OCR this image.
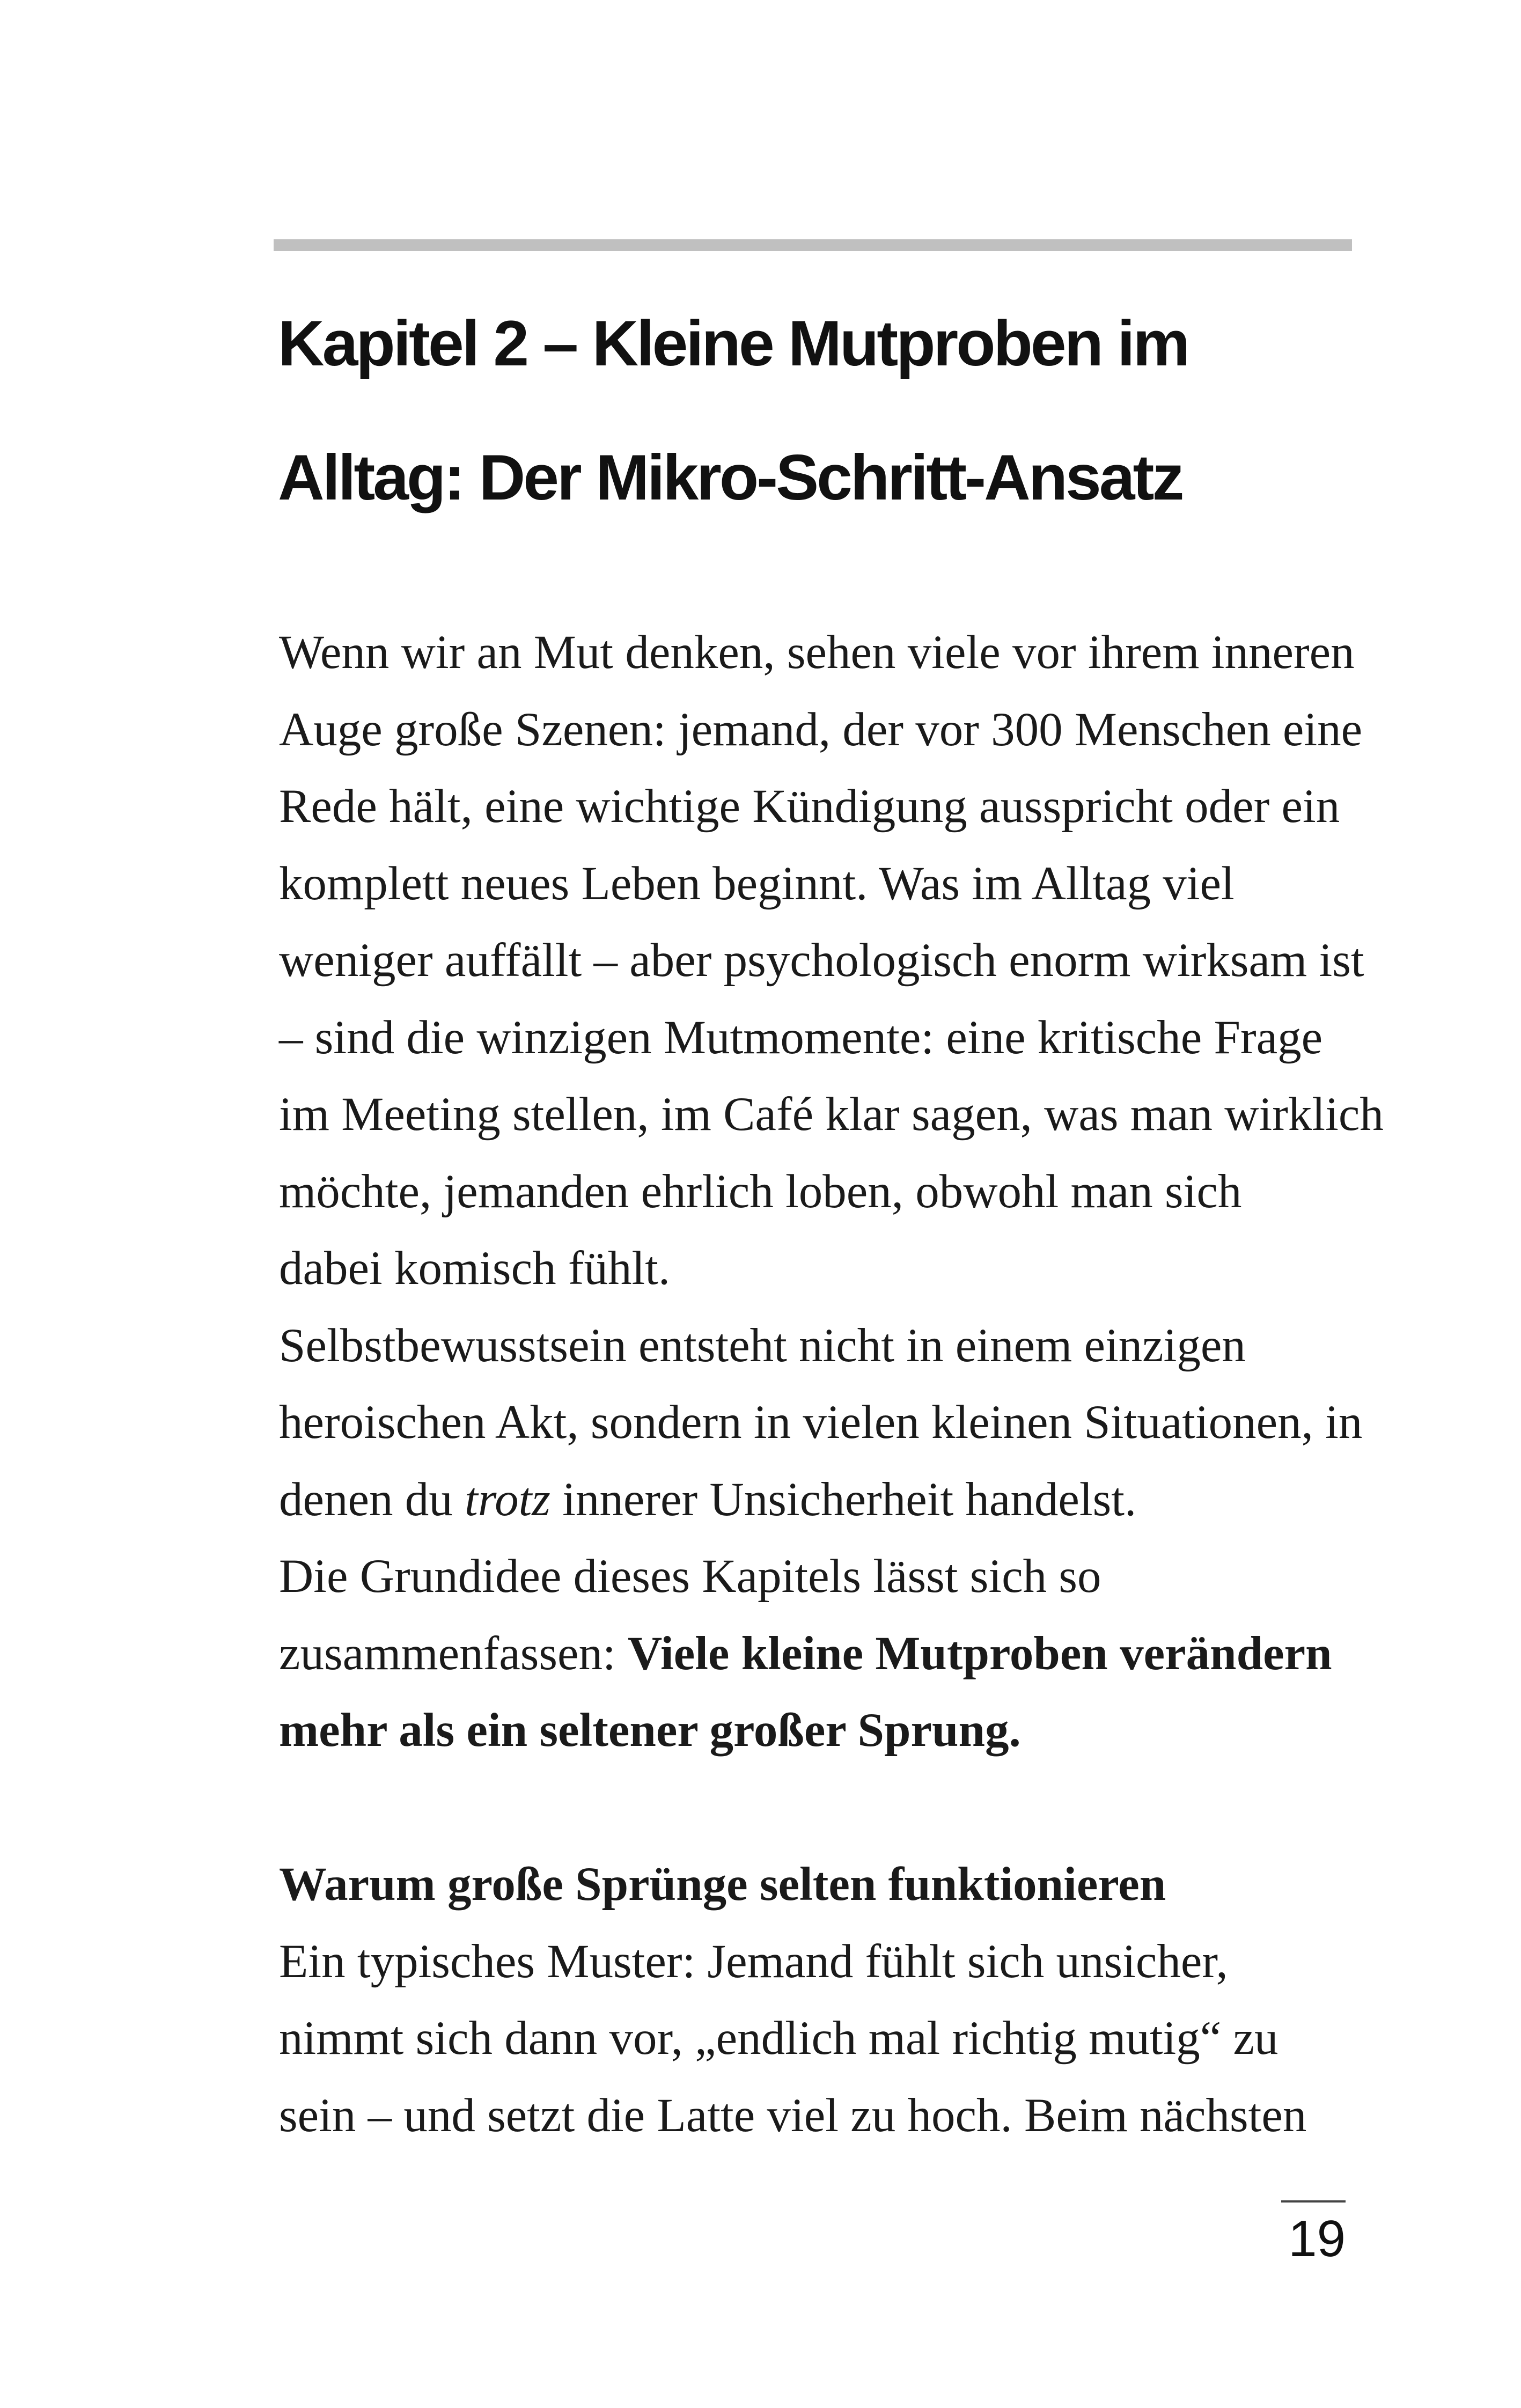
Kapitel 2 – Kleine Mutproben im
Alltag: Der Mikro-Schritt-Ansatz
Wenn wir an Mut denken, sehen viele vor ihrem inneren
Auge große Szenen: jemand, der vor 300 Menschen eine
Rede hält, eine wichtige Kündigung ausspricht oder ein
komplett neues Leben beginnt. Was im Alltag viel
weniger auffällt – aber psychologisch enorm wirksam ist
– sind die winzigen Mutmomente: eine kritische Frage
im Meeting stellen, im Café klar sagen, was man wirklich
möchte, jemanden ehrlich loben, obwohl man sich
dabei komisch fühlt.
Selbstbewusstsein entsteht nicht in einem einzigen
heroischen Akt, sondern in vielen kleinen Situationen, in
denen du trotz innerer Unsicherheit handelst.
Die Grundidee dieses Kapitels lässt sich so
zusammenfassen: Viele kleine Mutproben verändern
mehr als ein seltener großer Sprung.
Warum große Sprünge selten funktionieren
Ein typisches Muster: Jemand fühlt sich unsicher,
nimmt sich dann vor, „endlich mal richtig mutig“ zu
sein – und setzt die Latte viel zu hoch. Beim nächsten
19
